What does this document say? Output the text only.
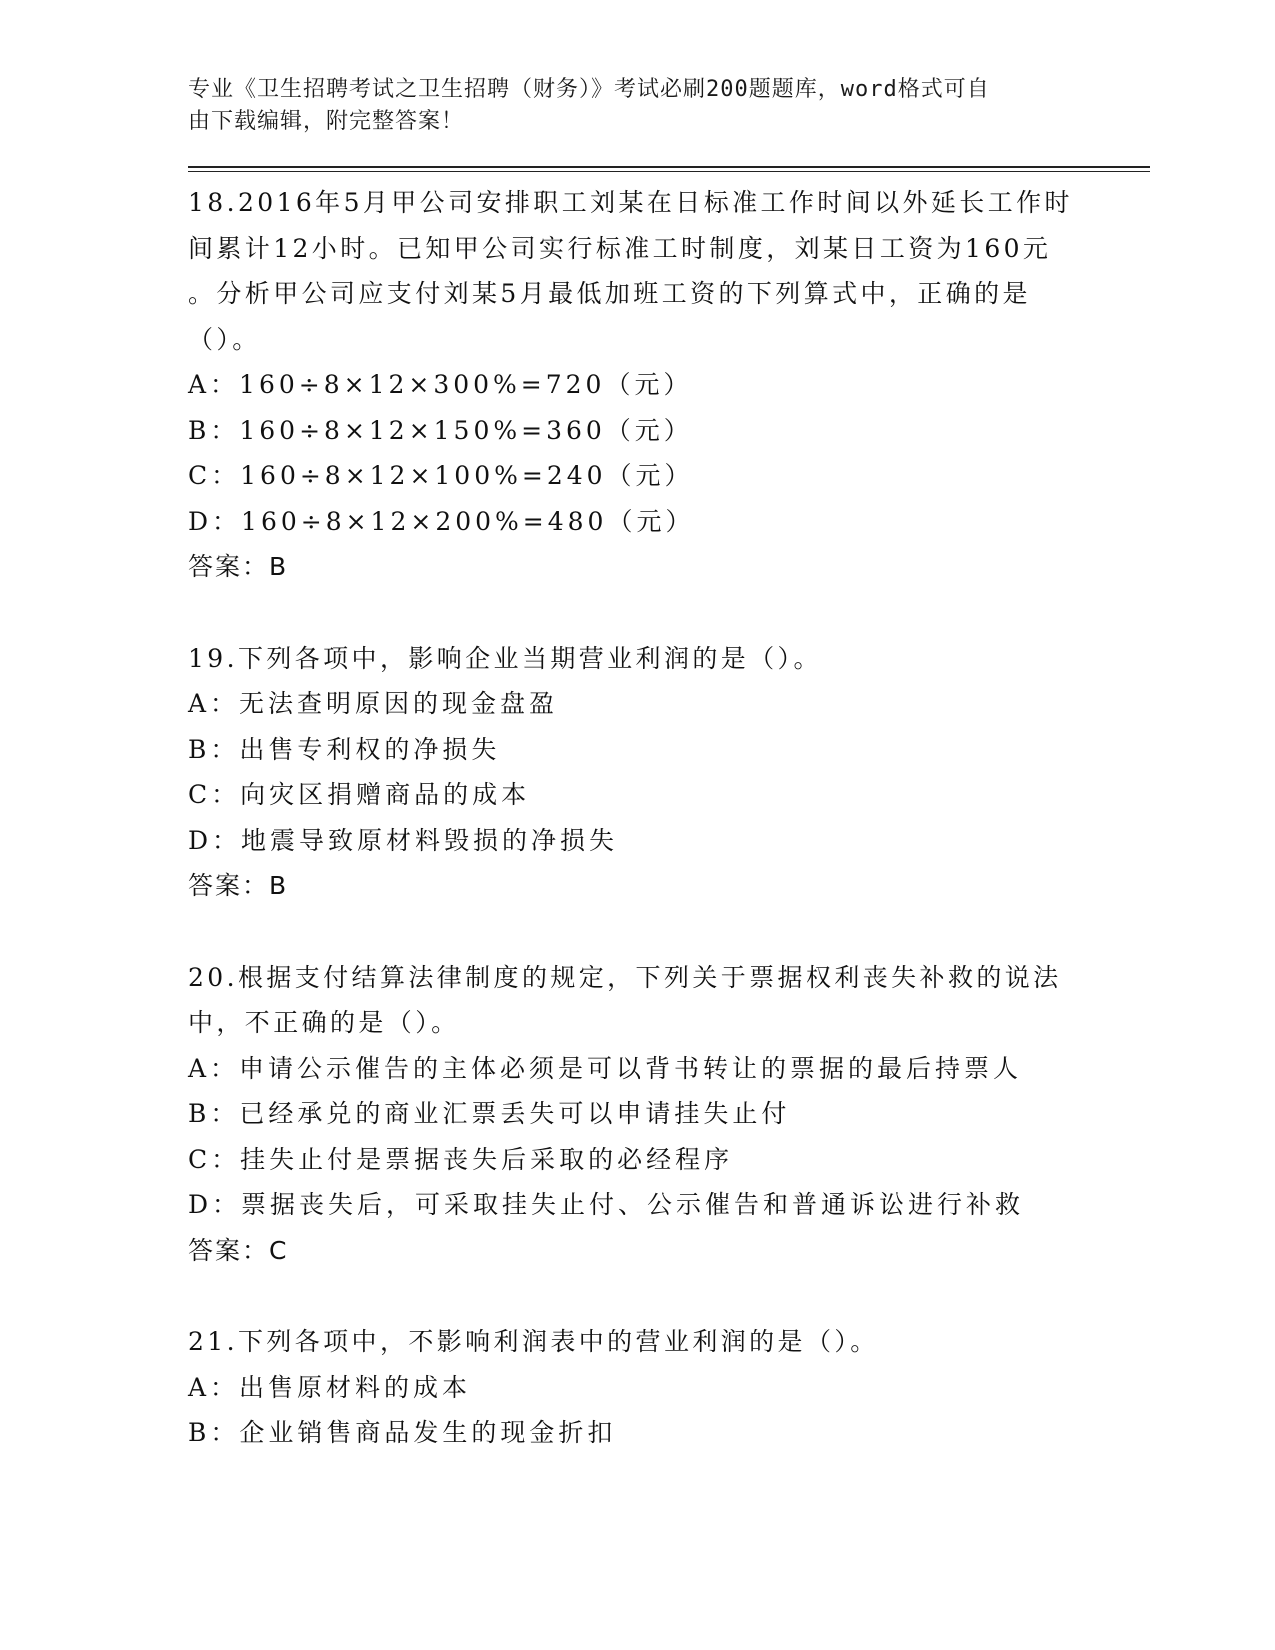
专业《卫生招聘考试之卫生招聘（财务）》考试必刷200题题库，word格式可自
由下载编辑，附完整答案！
18.2016年5月甲公司安排职工刘某在日标准工作时间以外延长工作时
间累计12小时。已知甲公司实行标准工时制度，刘某日工资为160元
。分析甲公司应支付刘某5月最低加班工资的下列算式中，正确的是
（）。
A：160÷8×12×300%=720（元）
B：160÷8×12×150%=360（元）
C：160÷8×12×100%=240（元）
D：160÷8×12×200%=480（元）
答案：B
19.下列各项中，影响企业当期营业利润的是（）。
A：无法查明原因的现金盘盈
B：出售专利权的净损失
C：向灾区捐赠商品的成本
D：地震导致原材料毁损的净损失
答案：B
20.根据支付结算法律制度的规定，下列关于票据权利丧失补救的说法
中，不正确的是（）。
A：申请公示催告的主体必须是可以背书转让的票据的最后持票人
B：已经承兑的商业汇票丢失可以申请挂失止付
C：挂失止付是票据丧失后采取的必经程序
D：票据丧失后，可采取挂失止付、公示催告和普通诉讼进行补救
答案：C
21.下列各项中，不影响利润表中的营业利润的是（）。
A：出售原材料的成本
B：企业销售商品发生的现金折扣
